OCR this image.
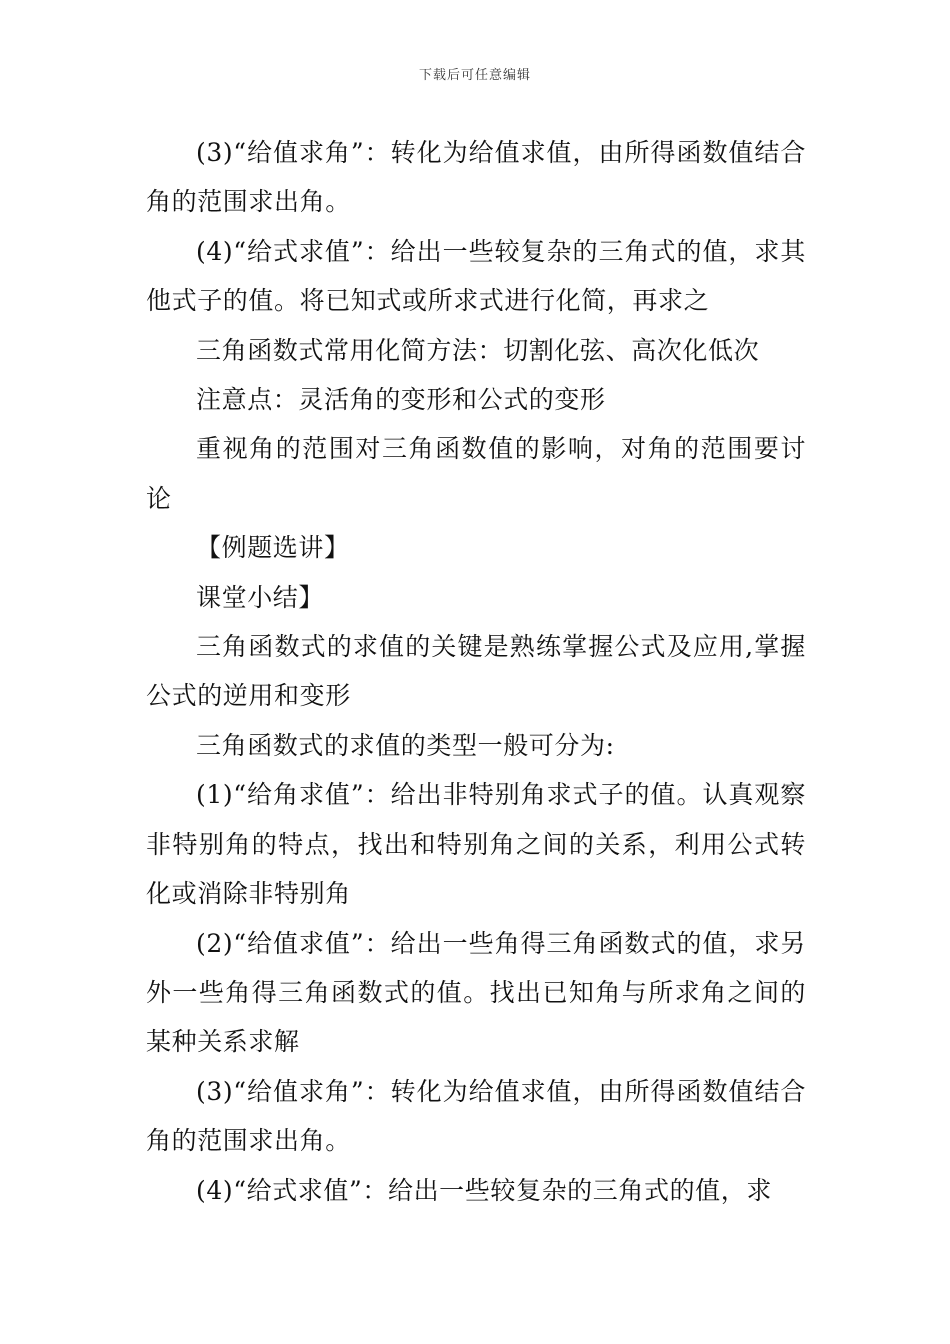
下载后可任意编辑

(3)“给值求角”：转化为给值求值，由所得函数值结合角的范围求出角。

(4)“给式求值”：给出一些较复杂的三角式的值，求其他式子的值。将已知式或所求式进行化简，再求之

三角函数式常用化简方法：切割化弦、高次化低次

注意点：灵活角的变形和公式的变形

重视角的范围对三角函数值的影响，对角的范围要讨论

【例题选讲】

课堂小结】

三角函数式的求值的关键是熟练掌握公式及应用,掌握公式的逆用和变形

三角函数式的求值的类型一般可分为:

(1)“给角求值”：给出非特别角求式子的值。认真观察非特别角的特点，找出和特别角之间的关系，利用公式转化或消除非特别角

(2)“给值求值”：给出一些角得三角函数式的值，求另外一些角得三角函数式的值。找出已知角与所求角之间的某种关系求解

(3)“给值求角”：转化为给值求值，由所得函数值结合角的范围求出角。

(4)“给式求值”：给出一些较复杂的三角式的值，求
